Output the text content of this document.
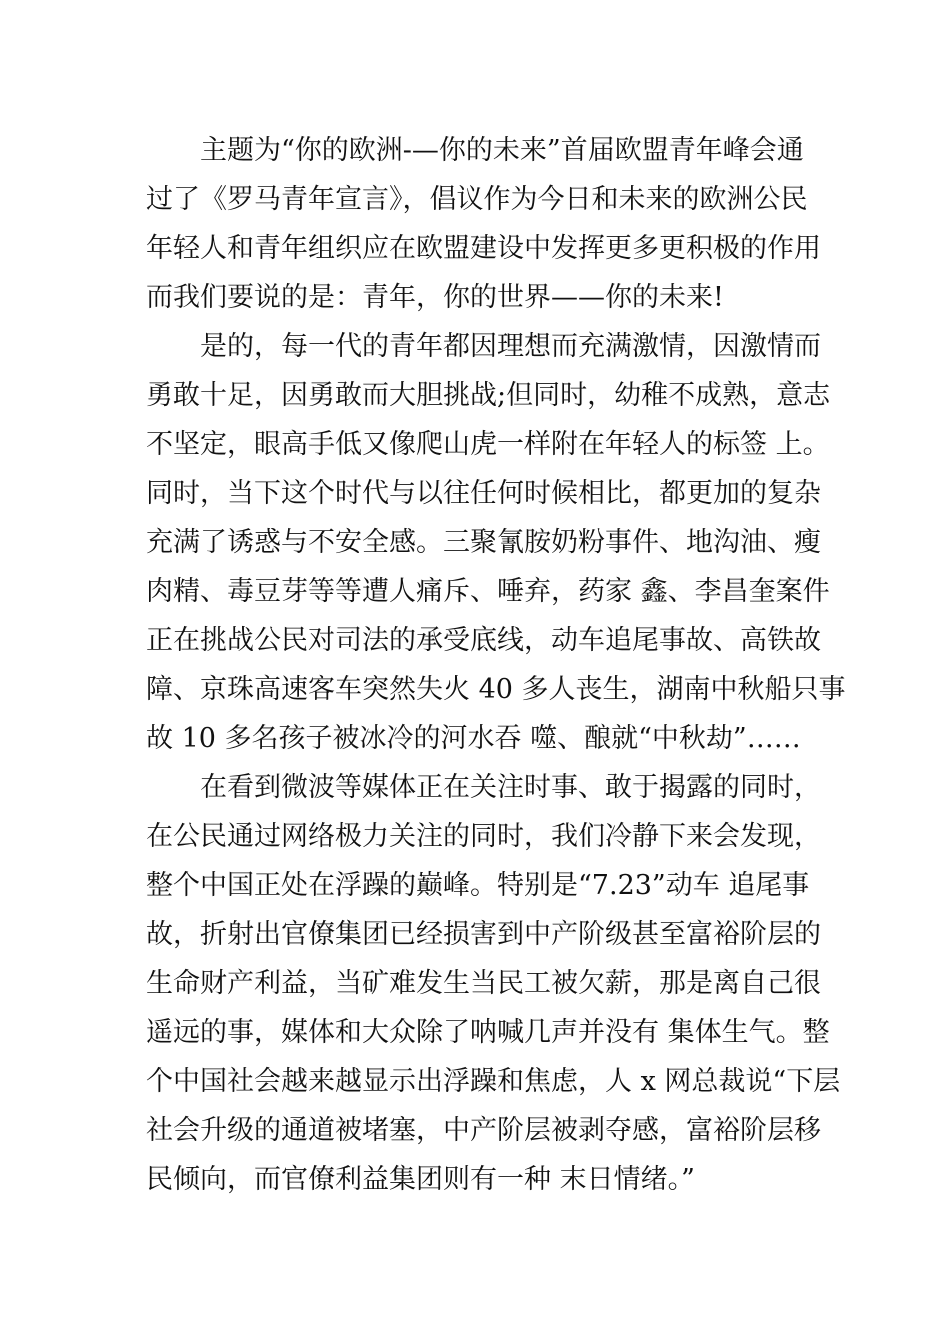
主题为“你的欧洲-—你的未来”首届欧盟青年峰会通
过了《罗马青年宣言》，倡议作为今日和未来的欧洲公民
年轻人和青年组织应在欧盟建设中发挥更多更积极的作用
而我们要说的是：青年，你的世界——你的未来!
是的，每一代的青年都因理想而充满激情，因激情而
勇敢十足，因勇敢而大胆挑战;但同时，幼稚不成熟，意志
不坚定，眼高手低又像爬山虎一样附在年轻人的标签 上。
同时，当下这个时代与以往任何时候相比，都更加的复杂
充满了诱惑与不安全感。三聚氰胺奶粉事件、地沟油、瘦
肉精、毒豆芽等等遭人痛斥、唾弃，药家 鑫、李昌奎案件
正在挑战公民对司法的承受底线，动车追尾事故、高铁故
障、京珠高速客车突然失火 40 多人丧生，湖南中秋船只事
故 10 多名孩子被冰冷的河水吞 噬、酿就“中秋劫”……
在看到微波等媒体正在关注时事、敢于揭露的同时，
在公民通过网络极力关注的同时，我们冷静下来会发现，
整个中国正处在浮躁的巅峰。特别是“7.23”动车 追尾事
故，折射出官僚集团已经损害到中产阶级甚至富裕阶层的
生命财产利益，当矿难发生当民工被欠薪，那是离自己很
遥远的事，媒体和大众除了呐喊几声并没有 集体生气。整
个中国社会越来越显示出浮躁和焦虑，人 x 网总裁说“下层
社会升级的通道被堵塞，中产阶层被剥夺感，富裕阶层移
民倾向，而官僚利益集团则有一种 末日情绪。”
